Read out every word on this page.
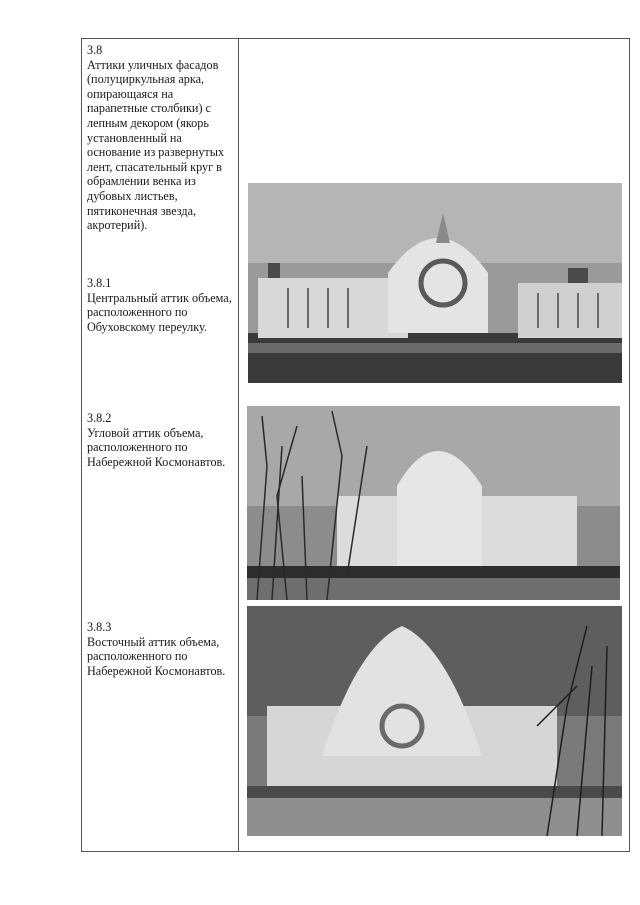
3.8
Аттики уличных фасадов (полуциркульная арка, опирающаяся на парапетные столбики) с лепным декором (якорь установленный на основание из развернутых лент, спасательный круг в обрамлении венка из дубовых листьев, пятиконечная звезда, акротерий).
3.8.1
Центральный аттик объема, расположенного по Обуховскому переулку.
3.8.2
Угловой аттик объема, расположенного по Набережной Космонавтов.
3.8.3
Восточный аттик объема, расположенного по Набережной Космонавтов.
